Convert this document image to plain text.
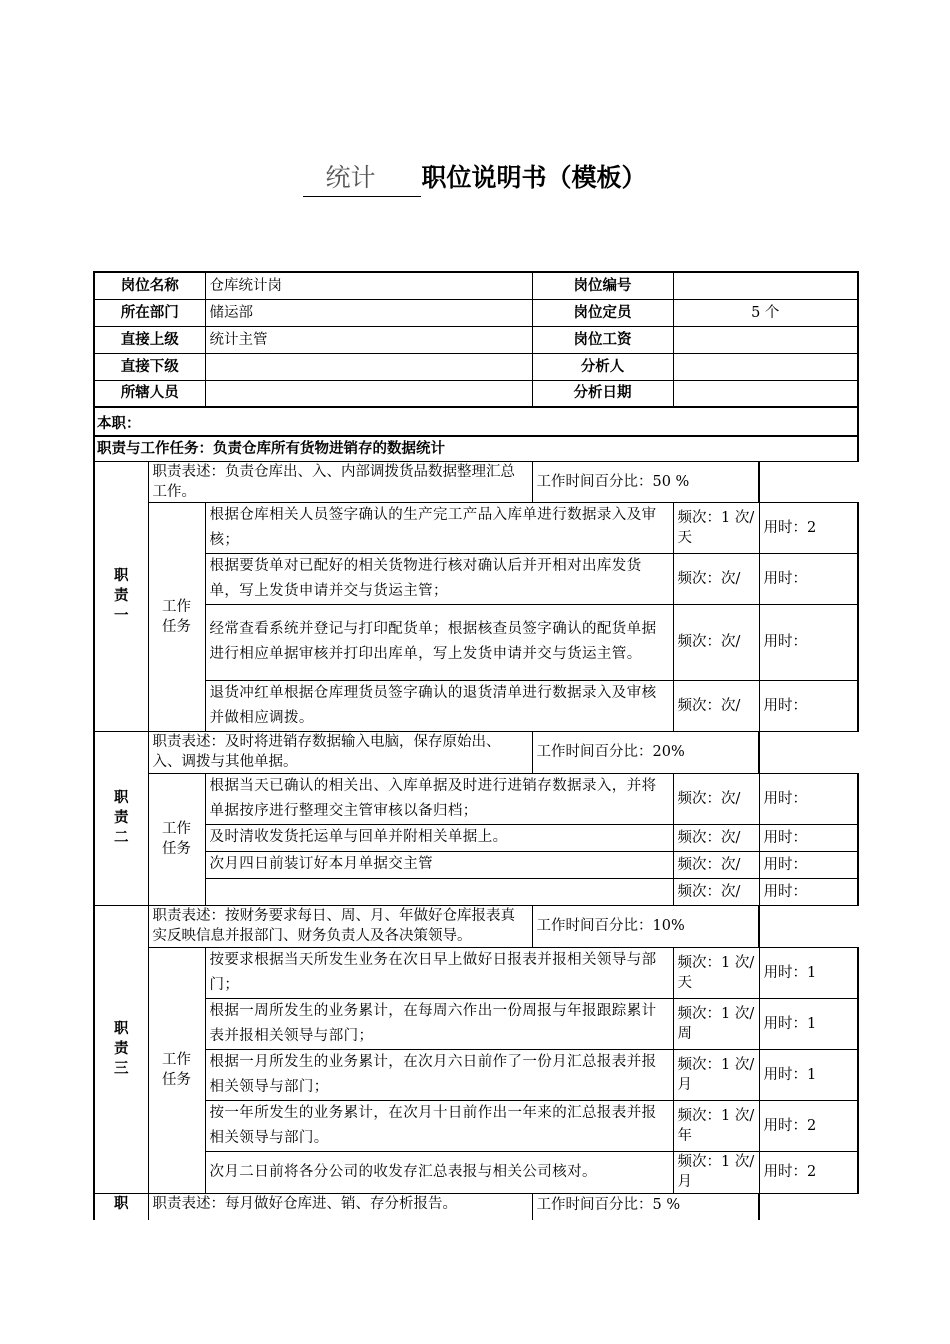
统计 职位说明书（模板）
岗位名称		仓库统计岗	岗位编号		
所在部门		储运部	岗位定员	5 个	
直接上级		统计主管	岗位工资		
直接下级			分析人		
所辖人员			分析日期		
本职：					
职责与工作任务：负责仓库所有货物进销存的数据统计					
职
责
一	职责表述：负责仓库出、入、内部调拨货品数据整理汇总工作。		工作时间百分比：50 %		
	工作
任务	根据仓库相关人员签字确认的生产完工产品入库单进行数据录入及审核；		频次：1 次/天	用时：2
		根据要货单对已配好的相关货物进行核对确认后并开相对出库发货单，写上发货申请并交与货运主管；		频次：次/	用时：
		经常查看系统并登记与打印配货单；根据核查员签字确认的配货单据进行相应单据审核并打印出库单，写上发货申请并交与货运主管。		频次：次/	用时：
		退货冲红单根据仓库理货员签字确认的退货清单进行数据录入及审核并做相应调拨。		频次：次/	用时：
职
责
二	职责表述：及时将进销存数据输入电脑，保存原始出、入、调拨与其他单据。		工作时间百分比：20%		
	工作
任务	根据当天已确认的相关出、入库单据及时进行进销存数据录入，并将单据按序进行整理交主管审核以备归档；		频次：次/	用时：
		及时清收发货托运单与回单并附相关单据上。		频次：次/	用时：
		次月四日前装订好本月单据交主管		频次：次/	用时：
				频次：次/	用时：
职
责
三	职责表述：按财务要求每日、周、月、年做好仓库报表真实反映信息并报部门、财务负责人及各决策领导。		工作时间百分比：10%		
	工作
任务	按要求根据当天所发生业务在次日早上做好日报表并报相关领导与部门；		频次：1 次/天	用时：1
		根据一周所发生的业务累计，在每周六作出一份周报与年报跟踪累计表并报相关领导与部门；		频次：1 次/周	用时：1
		根据一月所发生的业务累计，在次月六日前作了一份月汇总报表并报相关领导与部门；		频次：1 次/月	用时：1
		按一年所发生的业务累计，在次月十日前作出一年来的汇总报表并报相关领导与部门。		频次：1 次/年	用时：2
		次月二日前将各分公司的收发存汇总表报与相关公司核对。		频次：1 次/月	用时：2
职	职责表述：每月做好仓库进、销、存分析报告。		工作时间百分比：5 %		
